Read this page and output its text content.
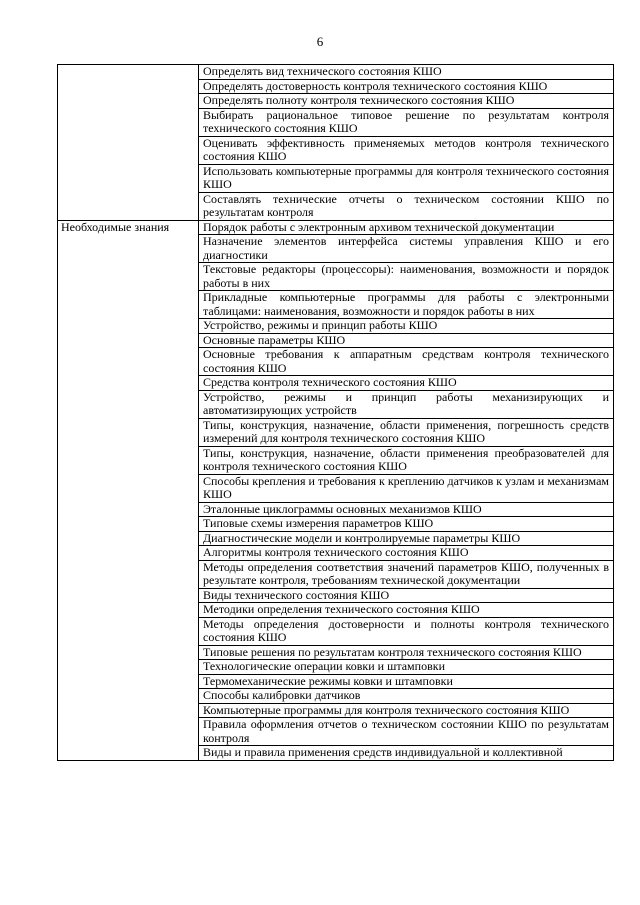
6
	Определять вид технического состояния КШО
	Определять достоверность контроля технического состояния КШО
	Определять полноту контроля технического состояния КШО
	Выбирать рациональное типовое решение по результатам контроля технического состояния КШО
	Оценивать эффективность применяемых методов контроля технического состояния КШО
	Использовать компьютерные программы для контроля технического состояния КШО
	Составлять технические отчеты о техническом состоянии КШО по результатам контроля
Необходимые знания	Порядок работы с электронным архивом технической документации
	Назначение элементов интерфейса системы управления КШО и его диагностики
	Текстовые редакторы (процессоры): наименования, возможности и порядок работы в них
	Прикладные компьютерные программы для работы с электронными таблицами: наименования, возможности и порядок работы в них
	Устройство, режимы и принцип работы КШО
	Основные параметры КШО
	Основные требования к аппаратным средствам контроля технического состояния КШО
	Средства контроля технического состояния КШО
	Устройство, режимы и принцип работы механизирующих и автоматизирующих устройств
	Типы, конструкция, назначение, области применения, погрешность средств измерений для контроля технического состояния КШО
	Типы, конструкция, назначение, области применения преобразователей для контроля технического состояния КШО
	Способы крепления и требования к креплению датчиков к узлам и механизмам КШО
	Эталонные циклограммы основных механизмов КШО
	Типовые схемы измерения параметров КШО
	Диагностические модели и контролируемые параметры КШО
	Алгоритмы контроля технического состояния КШО
	Методы определения соответствия значений параметров КШО, полученных в результате контроля, требованиям технической документации
	Виды технического состояния КШО
	Методики определения технического состояния КШО
	Методы определения достоверности и полноты контроля технического состояния КШО
	Типовые решения по результатам контроля технического состояния КШО
	Технологические операции ковки и штамповки
	Термомеханические режимы ковки и штамповки
	Способы калибровки датчиков
	Компьютерные программы для контроля технического состояния КШО
	Правила оформления отчетов о техническом состоянии КШО по результатам контроля
	Виды и правила применения средств индивидуальной и коллективной
